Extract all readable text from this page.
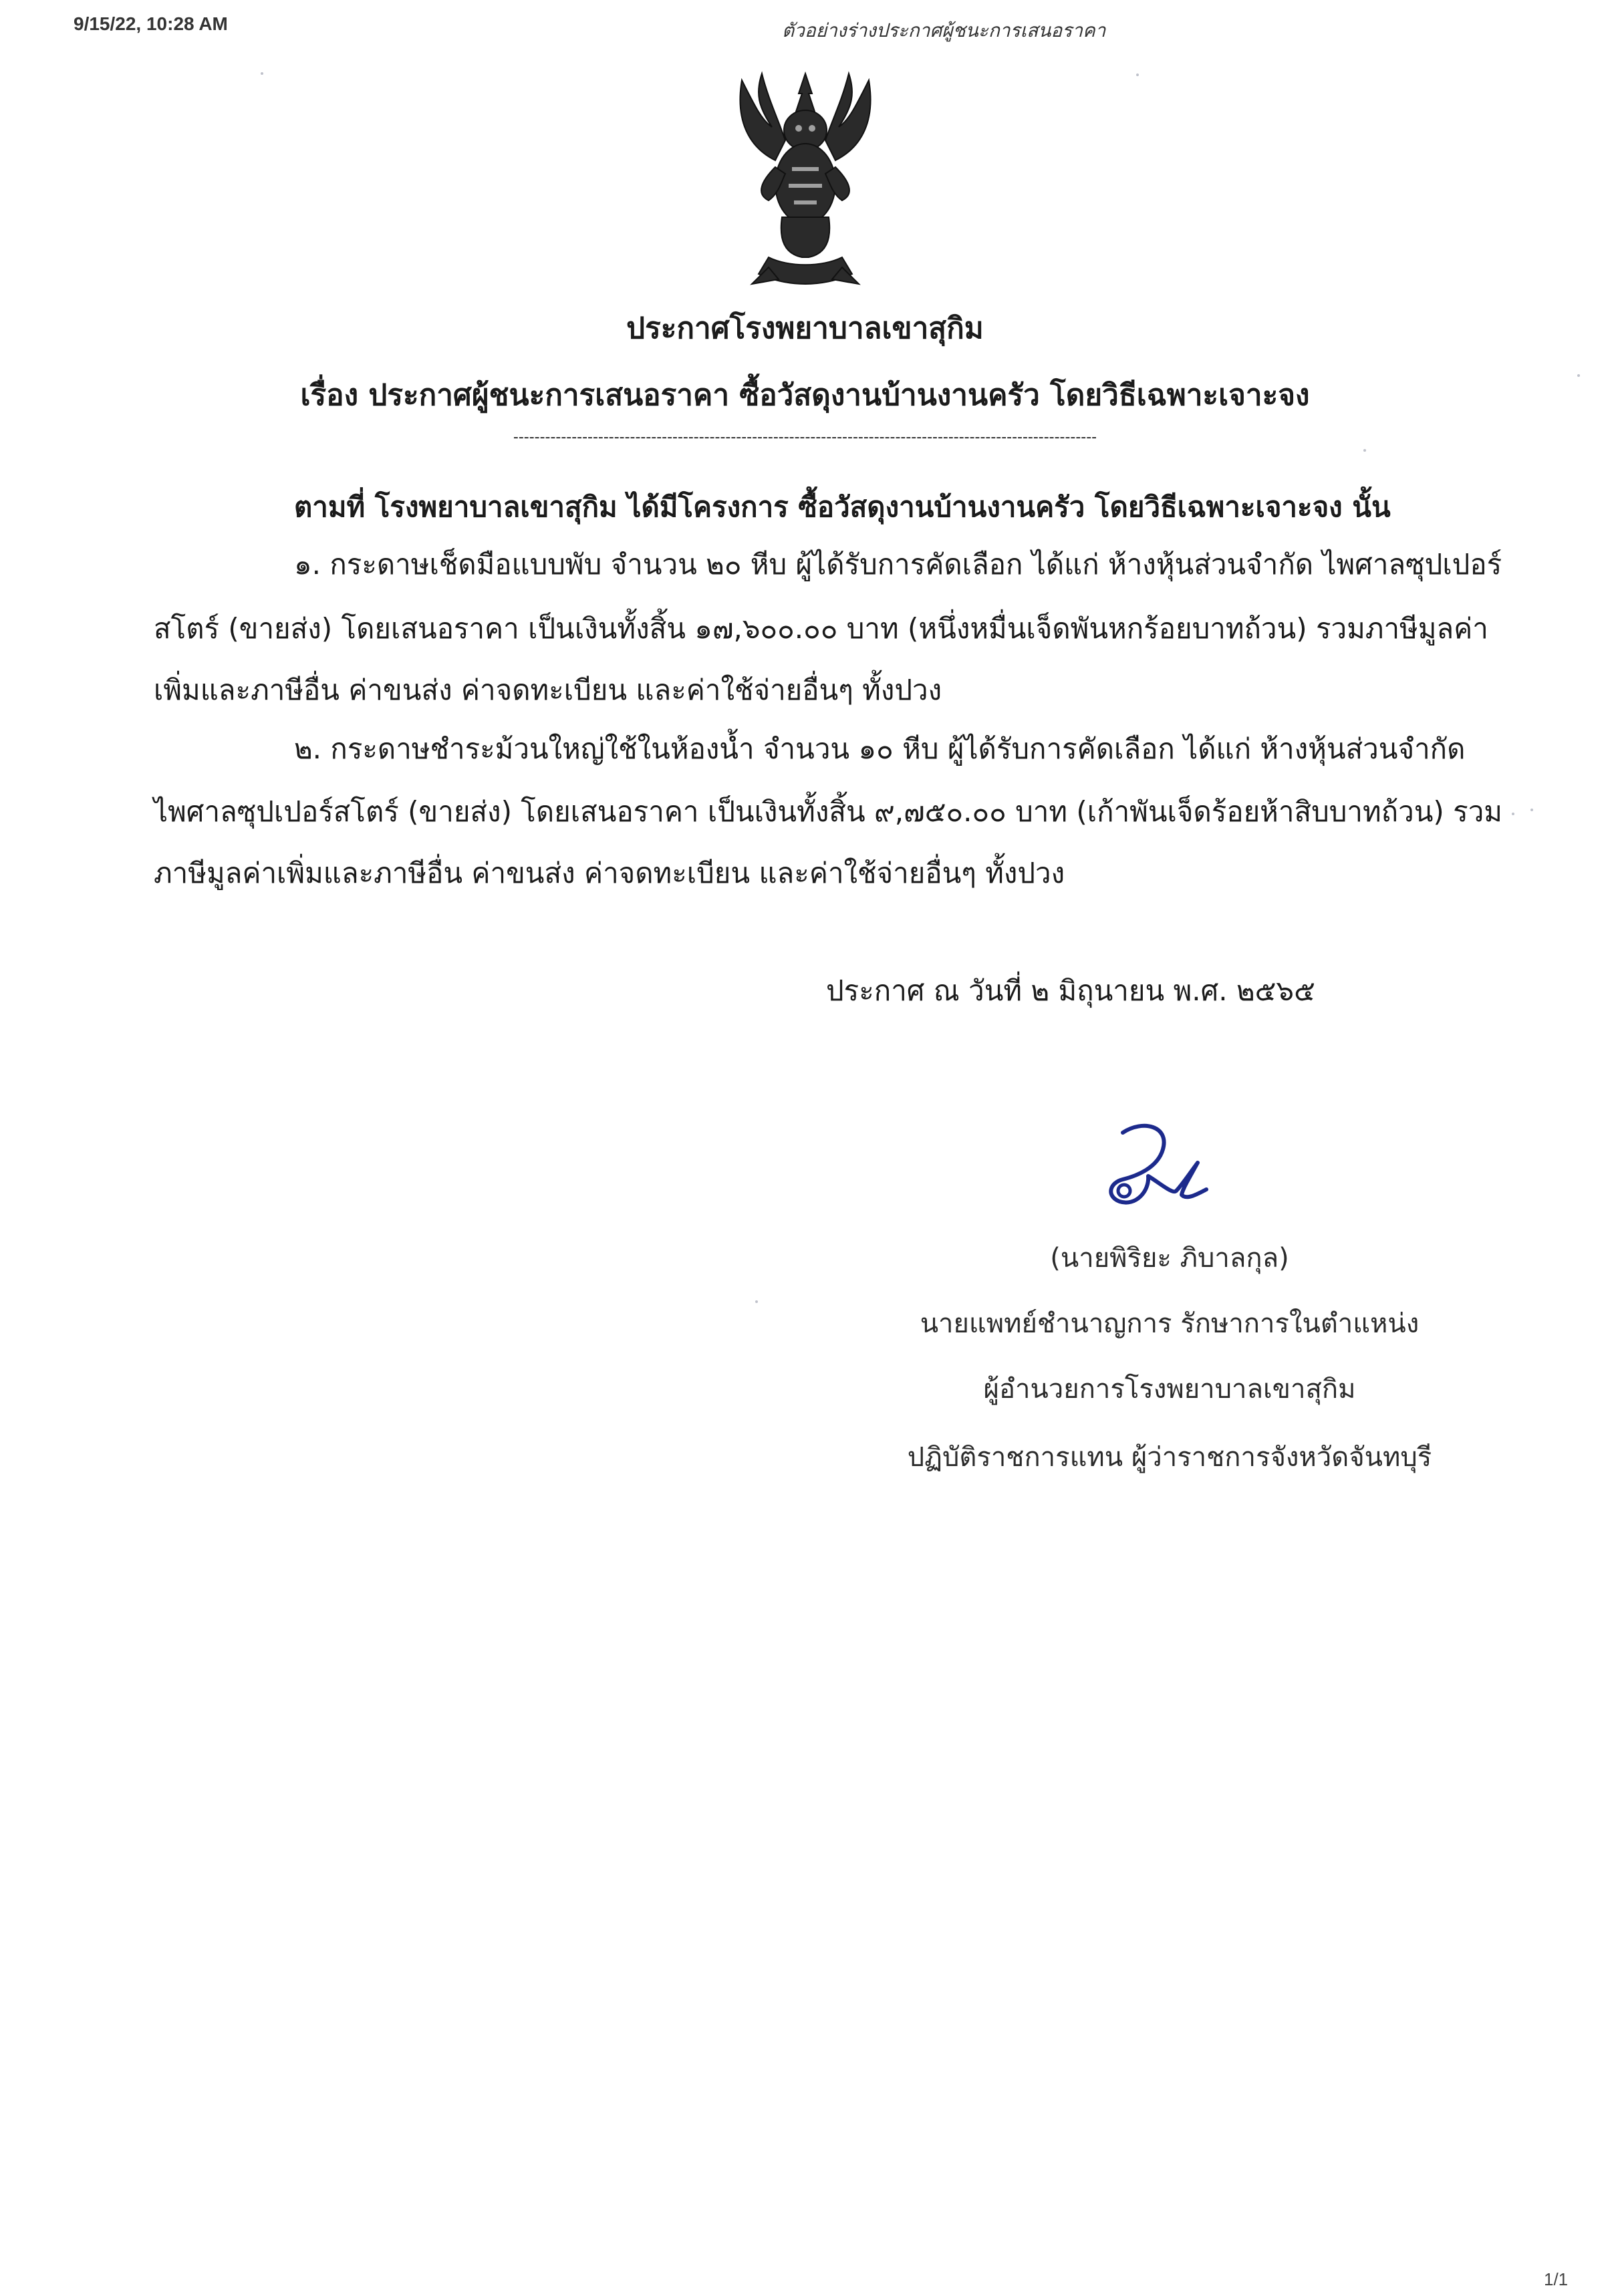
9/15/22, 10:28 AM	ตัวอย่างร่างประกาศผู้ชนะการเสนอราคา
ประกาศโรงพยาบาลเขาสุกิม
เรื่อง ประกาศผู้ชนะการเสนอราคา ซื้อวัสดุงานบ้านงานครัว โดยวิธีเฉพาะเจาะจง
--------------------------------------------------------------------------------------------------------------
ตามที่ โรงพยาบาลเขาสุกิม ได้มีโครงการ ซื้อวัสดุงานบ้านงานครัว โดยวิธีเฉพาะเจาะจง นั้น
๑. กระดาษเช็ดมือแบบพับ จำนวน ๒๐ หีบ ผู้ได้รับการคัดเลือก ได้แก่ ห้างหุ้นส่วนจำกัด ไพศาลซุปเปอร์
สโตร์ (ขายส่ง) โดยเสนอราคา เป็นเงินทั้งสิ้น ๑๗,๖๐๐.๐๐ บาท (หนึ่งหมื่นเจ็ดพันหกร้อยบาทถ้วน) รวมภาษีมูลค่า
เพิ่มและภาษีอื่น ค่าขนส่ง ค่าจดทะเบียน และค่าใช้จ่ายอื่นๆ ทั้งปวง
๒. กระดาษชำระม้วนใหญ่ใช้ในห้องน้ำ จำนวน ๑๐ หีบ ผู้ได้รับการคัดเลือก ได้แก่ ห้างหุ้นส่วนจำกัด
ไพศาลซุปเปอร์สโตร์ (ขายส่ง) โดยเสนอราคา เป็นเงินทั้งสิ้น ๙,๗๕๐.๐๐ บาท (เก้าพันเจ็ดร้อยห้าสิบบาทถ้วน) รวม
ภาษีมูลค่าเพิ่มและภาษีอื่น ค่าขนส่ง ค่าจดทะเบียน และค่าใช้จ่ายอื่นๆ ทั้งปวง
ประกาศ ณ วันที่ ๒ มิถุนายน พ.ศ. ๒๕๖๕
(นายพิริยะ ภิบาลกุล)
นายแพทย์ชำนาญการ รักษาการในตำแหน่ง
ผู้อำนวยการโรงพยาบาลเขาสุกิม
ปฏิบัติราชการแทน ผู้ว่าราชการจังหวัดจันทบุรี
1/1
